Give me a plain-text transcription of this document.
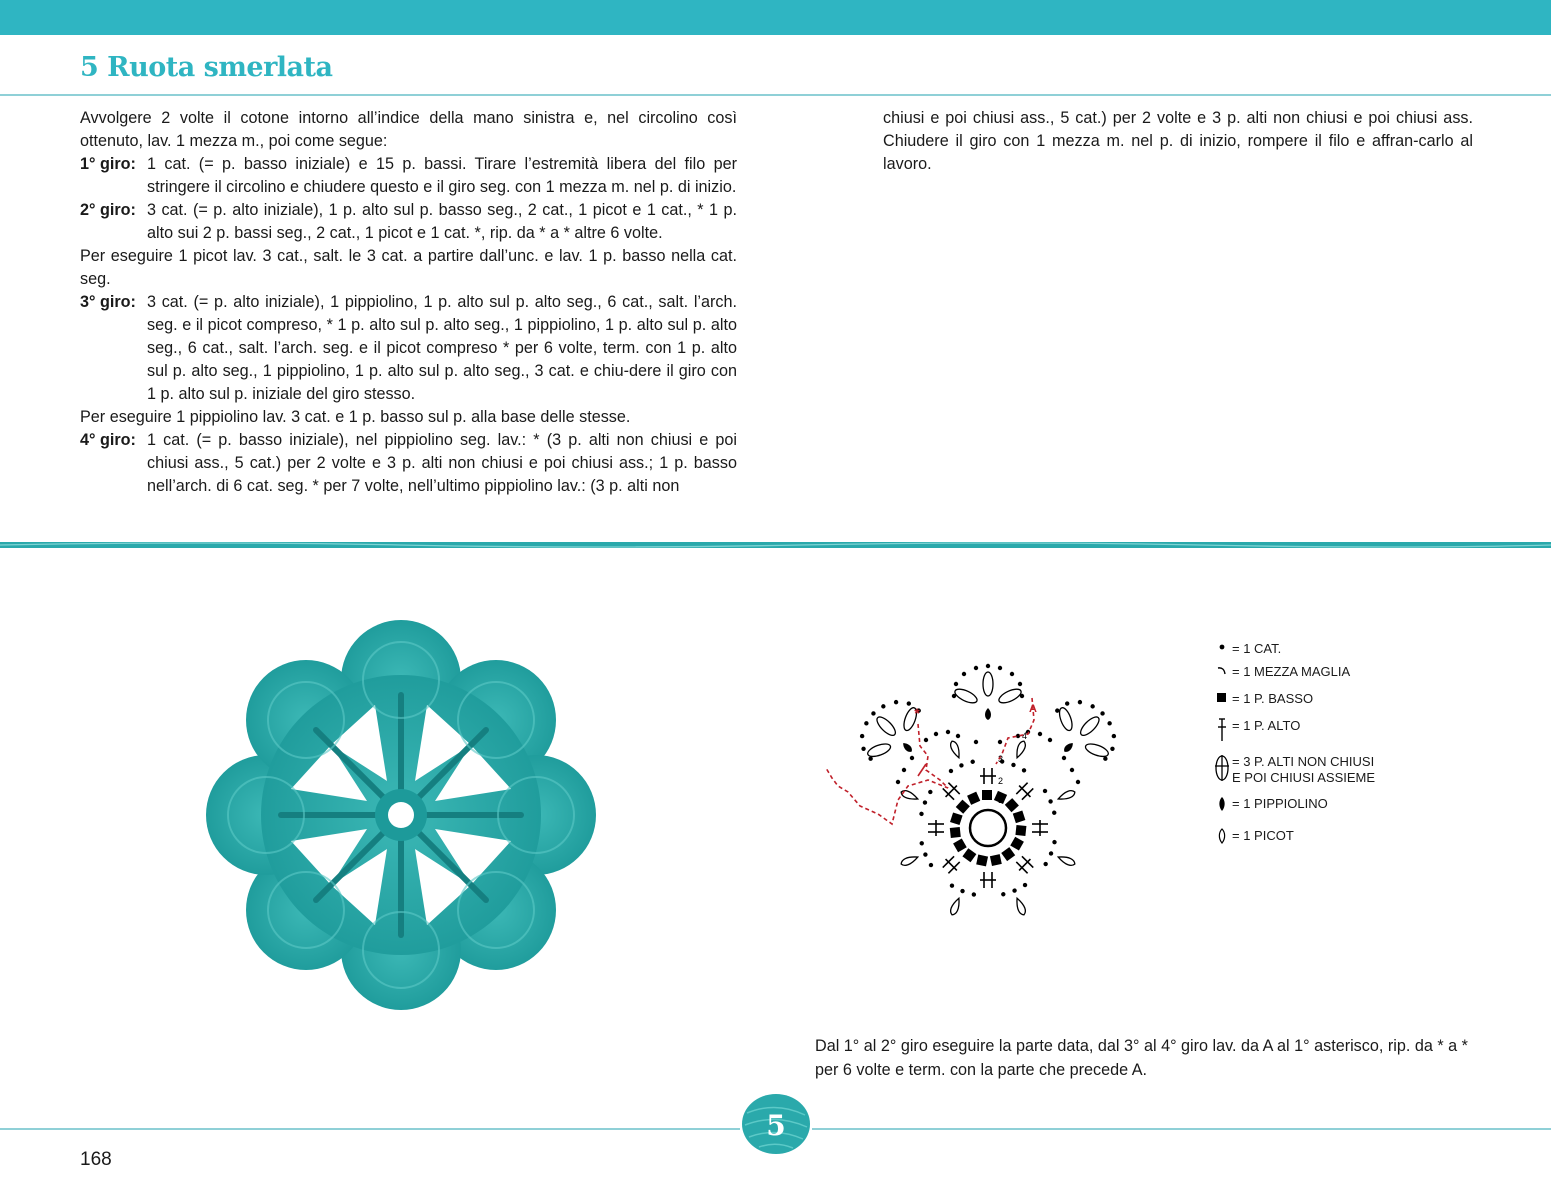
5 Ruota smerlata

Avvolgere 2 volte il cotone intorno all’indice della mano sinistra e, nel circolino così ottenuto, lav. 1 mezza m., poi come segue:

1° giro: 1 cat. (= p. basso iniziale) e 15 p. bassi. Tirare l’estremità libera del filo per stringere il circolino e chiudere questo e il giro seg. con 1 mezza m. nel p. di inizio.
2° giro: 3 cat. (= p. alto iniziale), 1 p. alto sul p. basso seg., 2 cat., 1 picot e 1 cat., * 1 p. alto sui 2 p. bassi seg., 2 cat., 1 picot e 1 cat. *, rip. da * a * altre 6 volte.

Per eseguire 1 picot lav. 3 cat., salt. le 3 cat. a partire dall’unc. e lav. 1 p. basso nella cat. seg.

3° giro: 3 cat. (= p. alto iniziale), 1 pippiolino, 1 p. alto sul p. alto seg., 6 cat., salt. l’arch. seg. e il picot compreso, * 1 p. alto sul p. alto seg., 1 pippiolino, 1 p. alto sul p. alto seg., 6 cat., salt. l’arch. seg. e il picot compreso * per 6 volte, term. con 1 p. alto sul p. alto seg., 1 pippiolino, 1 p. alto sul p. alto seg., 3 cat. e chiu-dere il giro con 1 p. alto sul p. iniziale del giro stesso.

Per eseguire 1 pippiolino lav. 3 cat. e 1 p. basso sul p. alla base delle stesse.

4° giro: 1 cat. (= p. basso iniziale), nel pippiolino seg. lav.: * (3 p. alti non chiusi e poi chiusi ass., 5 cat.) per 2 volte e 3 p. alti non chiusi e poi chiusi ass.; 1 p. basso nell’arch. di 6 cat. seg. * per 7 volte, nell’ultimo pippiolino lav.: (3 p. alti non

chiusi e poi chiusi ass., 5 cat.) per 2 volte e 3 p. alti non chiusi e poi chiusi ass. Chiudere il giro con 1 mezza m. nel p. di inizio, rompere il filo e affran-carlo al lavoro.

*	A
1
2
3
4
= 1 CAT.
= 1 MEZZA MAGLIA
= 1 P. BASSO
= 1 P. ALTO
= 3 P. ALTI NON CHIUSI
E POI CHIUSI ASSIEME
= 1 PIPPIOLINO
= 1 PICOT

Dal 1° al 2° giro eseguire la parte data, dal 3° al 4° giro lav. da A al 1° asterisco, rip. da * a * per 6 volte e term. con la parte che precede A.

5
168
